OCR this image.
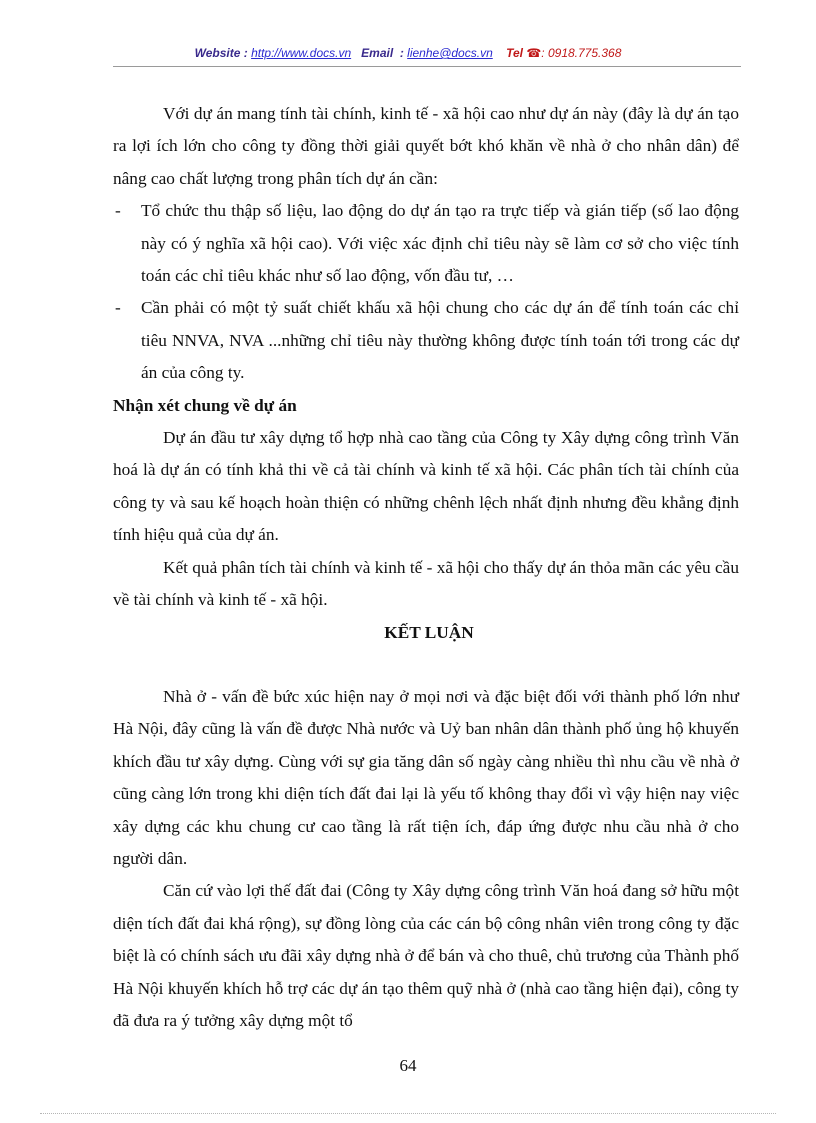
Website : http://www.docs.vn Email : lienhe@docs.vn Tel ☎: 0918.775.368

Với dự án mang tính tài chính, kinh tế - xã hội cao như dự án này (đây là dự án tạo ra lợi ích lớn cho công ty đồng thời giải quyết bớt khó khăn về nhà ở cho nhân dân) để nâng cao chất lượng trong phân tích dự án cần:

- Tổ chức thu thập số liệu, lao động do dự án tạo ra trực tiếp và gián tiếp (số lao động này có ý nghĩa xã hội cao). Với việc xác định chỉ tiêu này sẽ làm cơ sở cho việc tính toán các chỉ tiêu khác như số lao động, vốn đầu tư, …

- Cần phải có một tỷ suất chiết khấu xã hội chung cho các dự án để tính toán các chỉ tiêu NNVA, NVA ...những chỉ tiêu này thường không được tính toán tới trong các dự án của công ty.

Nhận xét chung về dự án

Dự án đầu tư xây dựng tổ hợp nhà cao tầng của Công ty Xây dựng công trình Văn hoá là dự án có tính khả thi về cả tài chính và kinh tế xã hội. Các phân tích tài chính của công ty và sau kế hoạch hoàn thiện có những chênh lệch nhất định nhưng đều khẳng định tính hiệu quả của dự án.

Kết quả phân tích tài chính và kinh tế - xã hội cho thấy dự án thỏa mãn các yêu cầu về tài chính và kinh tế - xã hội.

KẾT LUẬN

Nhà ở - vấn đề bức xúc hiện nay ở mọi nơi và đặc biệt đối với thành phố lớn như Hà Nội, đây cũng là vấn đề được Nhà nước và Uỷ ban nhân dân thành phố ủng hộ khuyến khích đầu tư xây dựng. Cùng với sự gia tăng dân số ngày càng nhiều thì nhu cầu về nhà ở cũng càng lớn trong khi diện tích đất đai lại là yếu tố không thay đổi vì vậy hiện nay việc xây dựng các khu chung cư cao tầng là rất tiện ích, đáp ứng được nhu cầu nhà ở cho người dân.

Căn cứ vào lợi thế đất đai (Công ty Xây dựng công trình Văn hoá đang sở hữu một diện tích đất đai khá rộng), sự đồng lòng của các cán bộ công nhân viên trong công ty đặc biệt là có chính sách ưu đãi xây dựng nhà ở để bán và cho thuê, chủ trương của Thành phố Hà Nội khuyến khích hỗ trợ các dự án tạo thêm quỹ nhà ở (nhà cao tầng hiện đại), công ty đã đưa ra ý tưởng xây dựng một tổ

64
